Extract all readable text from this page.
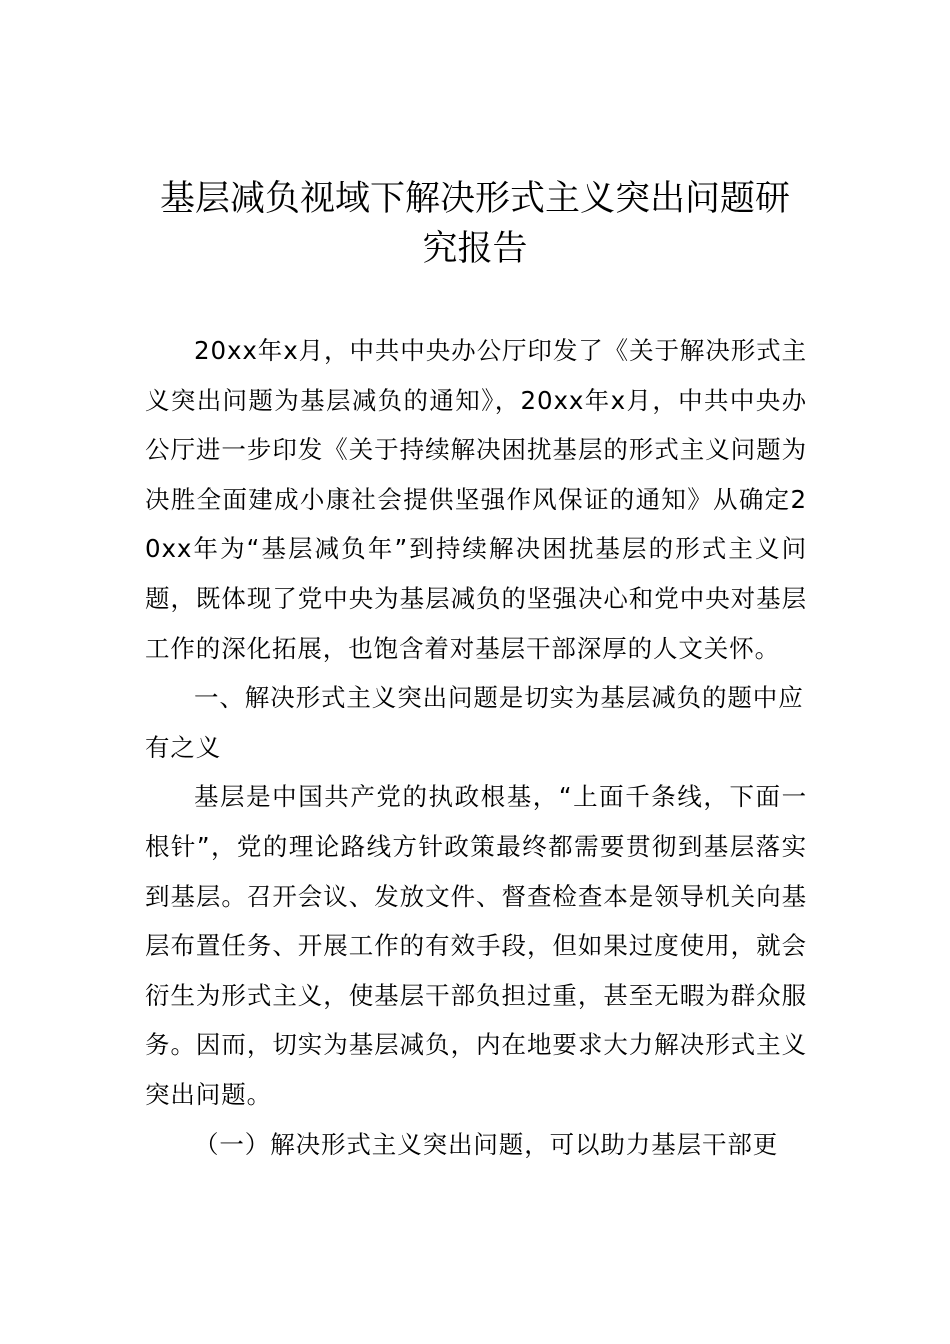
基层减负视域下解决形式主义突出问题研究报告

20xx年x月，中共中央办公厅印发了《关于解决形式主义突出问题为基层减负的通知》，20xx年x月，中共中央办公厅进一步印发《关于持续解决困扰基层的形式主义问题为决胜全面建成小康社会提供坚强作风保证的通知》从确定20xx年为“基层减负年”到持续解决困扰基层的形式主义问题，既体现了党中央为基层减负的坚强决心和党中央对基层工作的深化拓展，也饱含着对基层干部深厚的人文关怀。

一、解决形式主义突出问题是切实为基层减负的题中应有之义

基层是中国共产党的执政根基，“上面千条线，下面一根针”，党的理论路线方针政策最终都需要贯彻到基层落实到基层。召开会议、发放文件、督查检查本是领导机关向基层布置任务、开展工作的有效手段，但如果过度使用，就会衍生为形式主义，使基层干部负担过重，甚至无暇为群众服务。因而，切实为基层减负，内在地要求大力解决形式主义突出问题。

（一）解决形式主义突出问题，可以助力基层干部更
